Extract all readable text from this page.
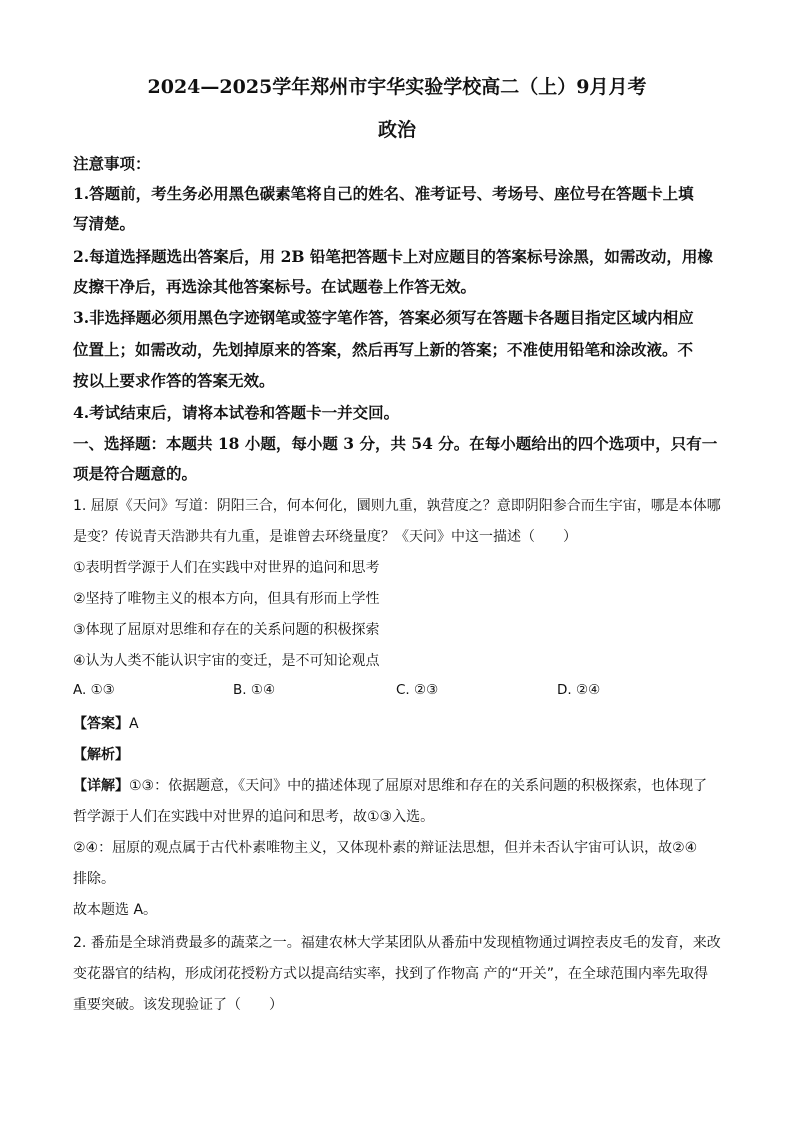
2024—2025学年郑州市宇华实验学校高二（上）9月月考
政治
注意事项：
1.答题前，考生务必用黑色碳素笔将自己的姓名、准考证号、考场号、座位号在答题卡上填
写清楚。
2.每道选择题选出答案后，用 2B 铅笔把答题卡上对应题目的答案标号涂黑，如需改动，用橡
皮擦干净后，再选涂其他答案标号。在试题卷上作答无效。
3.非选择题必须用黑色字迹钢笔或签字笔作答，答案必须写在答题卡各题目指定区域内相应
位置上；如需改动，先划掉原来的答案，然后再写上新的答案；不准使用铅笔和涂改液。不
按以上要求作答的答案无效。
4.考试结束后，请将本试卷和答题卡一并交回。
一、选择题：本题共 18 小题，每小题 3 分，共 54 分。在每小题给出的四个选项中，只有一
项是符合题意的。
1. 屈原《天问》写道：阴阳三合，何本何化，圜则九重，孰营度之？意即阴阳参合而生宇宙，哪是本体哪
是变？传说青天浩渺共有九重，是谁曾去环绕量度？《天问》中这一描述（　　）
①表明哲学源于人们在实践中对世界的追问和思考
②坚持了唯物主义的根本方向，但具有形而上学性
③体现了屈原对思维和存在的关系问题的积极探索
④认为人类不能认识宇宙的变迁，是不可知论观点
A. ①③	B. ①④	C. ②③	D. ②④
【答案】A
【解析】
【详解】①③：依据题意，《天问》中的描述体现了屈原对思维和存在的关系问题的积极探索，也体现了
哲学源于人们在实践中对世界的追问和思考，故①③入选。
②④：屈原的观点属于古代朴素唯物主义，又体现朴素的辩证法思想，但并未否认宇宙可认识，故②④
排除。
故本题选 A。
2. 番茄是全球消费最多的蔬菜之一。福建农林大学某团队从番茄中发现植物通过调控表皮毛的发育，来改
变花器官的结构，形成闭花授粉方式以提高结实率，找到了作物高 产的“开关”，在全球范围内率先取得
重要突破。该发现验证了（　　）
